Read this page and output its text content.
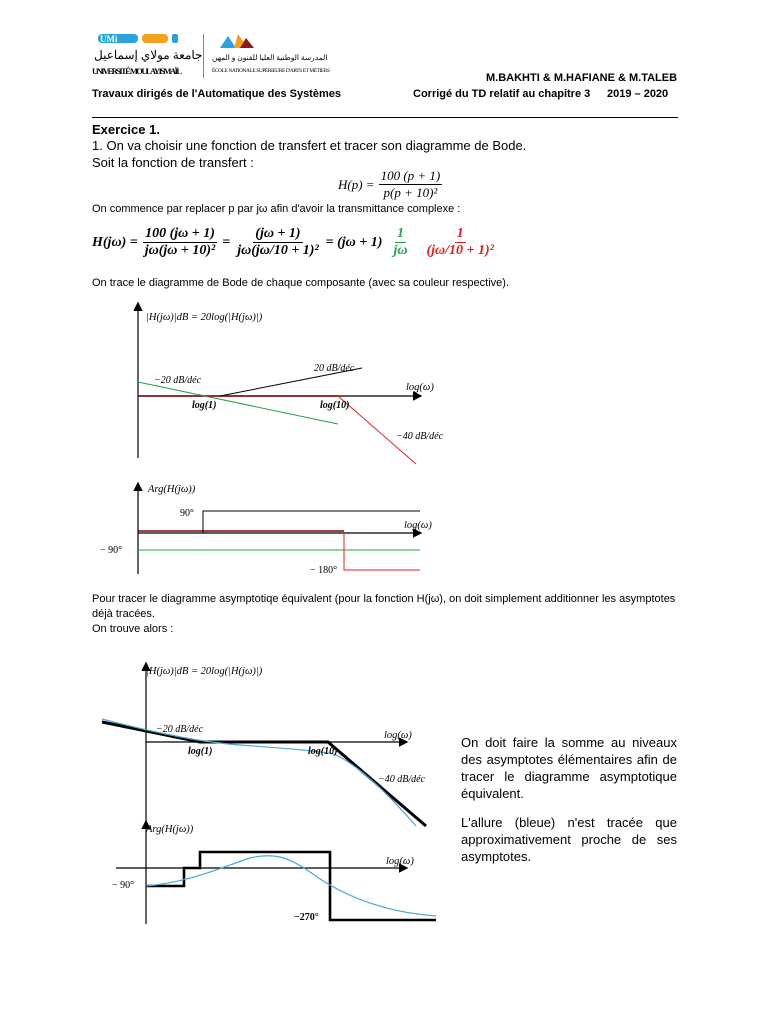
UMi
جامعة مولاي إسماعيل
UNIVERSITÉ MOULAY ISMAÏL
المدرسة الوطنية العليا للفنون و المهن
ÉCOLE NATIONALE SUPÉRIEURE D'ARTS ET MÉTIERS
M.BAKHTI & M.HAFIANE & M.TALEB
Travaux dirigés de l'Automatique des Systèmes	Corrigé du TD relatif au chapitre 3 2019 – 2020
Exercice 1.
1. On va choisir une fonction de transfert et tracer son diagramme de Bode.
Soit la fonction de transfert :
$H(p) = \frac{100 (p + 1)}{\text{p(p + 10)²}}$
On commence par replacer p par jω afin d'avoir la transmittance complexe :
$H(j\omega) = \frac{100 (j\omega + 1)}{\text{jω(jω + 10)²}} = \frac{(j\omega + 1)}{\text{jω(jω/10 + 1)²}} = (j\omega + 1) \frac{1}{j\omega} \frac{1}{\text{(jω/10 + 1)²}}$
On trace le diagramme de Bode de chaque composante (avec sa couleur respective).
|H(jω)|dB = 20log(|H(jω)|)
log(ω)
−20 dB/déc
20 dB/déc
log(1)	log(10)
−40 dB/déc
Arg(H(jω))
90°
− 90°
− 180°
log(ω)
Pour tracer le diagramme asymptotiqe équivalent (pour la fonction H(jω), on doit simplement additionner les asymptotes déjà tracées.
On trouve alors :
|H(jω)|dB = 20log(|H(jω)|)
log(ω)
−20 dB/déc
log(1)	log(10)
−40 dB/déc
Arg(H(jω))
log(ω)
− 90°
−270°
On doit faire la somme au niveaux des asymptotes élémentaires afin de tracer le diagramme asymptotique équivalent.
L'allure (bleue) n'est tracée que approximativement proche de ses asymptotes.
